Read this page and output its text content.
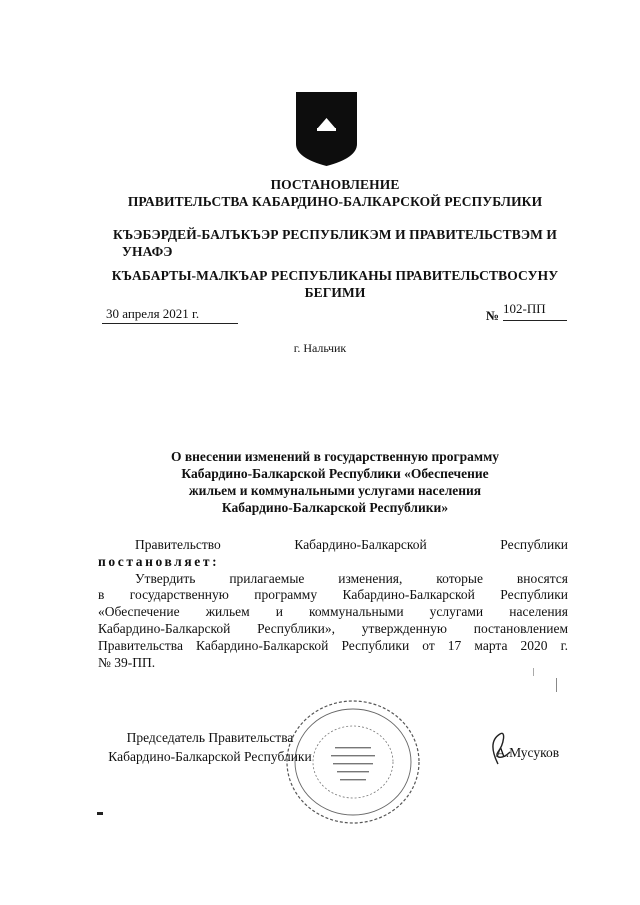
ПОСТАНОВЛЕНИЕ
ПРАВИТЕЛЬСТВА КАБАРДИНО-БАЛКАРСКОЙ РЕСПУБЛИКИ
КЪЭБЭРДЕЙ-БАЛЪКЪЭР РЕСПУБЛИКЭМ И ПРАВИТЕЛЬСТВЭМ И
УНАФЭ
КЪАБАРТЫ-МАЛКЪАР РЕСПУБЛИКАНЫ ПРАВИТЕЛЬСТВОСУНУ
БЕГИМИ
30 апреля 2021 г.	№ 102-ПП
г. Нальчик
О внесении изменений в государственную программу
Кабардино-Балкарской Республики «Обеспечение
жильем и коммунальными услугами населения
Кабардино-Балкарской Республики»
Правительство Кабардино-Балкарской Республики
постановляет:
Утвердить прилагаемые изменения, которые вносятся
в государственную программу Кабардино-Балкарской Республики
«Обеспечение жильем и коммунальными услугами населения
Кабардино-Балкарской Республики», утвержденную постановлением
Правительства Кабардино-Балкарской Республики от 17 марта 2020 г.
№ 39-ПП.
Председатель Правительства
Кабардино-Балкарской Республики	А.Мусуков
